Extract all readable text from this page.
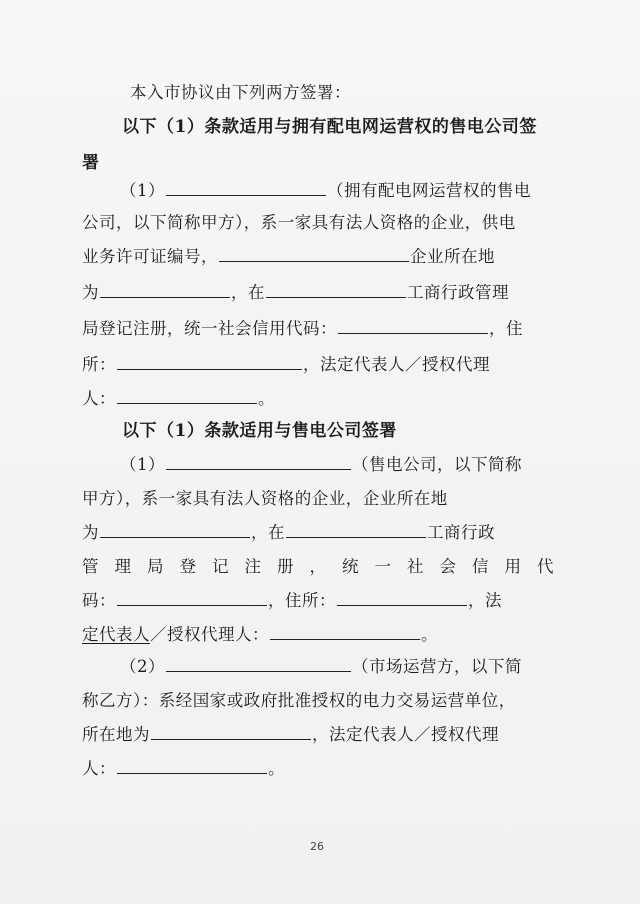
本入市协议由下列两方签署：
以下（1）条款适用与拥有配电网运营权的售电公司签
署
（1）	（拥有配电网运营权的售电
公司，以下简称甲方），系一家具有法人资格的企业，供电
业务许可证编号，	企业所在地
为	，在	工商行政管理
局登记注册，统一社会信用代码：	，住
所：	，法定代表人／授权代理
人：	。
以下（1）条款适用与售电公司签署
（1）	（售电公司，以下简称
甲方），系一家具有法人资格的企业，企业所在地
为	，在	工商行政
管理局登记注册，统一社会信用代
码：	，住所：	，法
定代表人／授权代理人：	。
（2）	（市场运营方，以下简
称乙方）：系经国家或政府批准授权的电力交易运营单位，
所在地为	，法定代表人／授权代理
人：	。
26
